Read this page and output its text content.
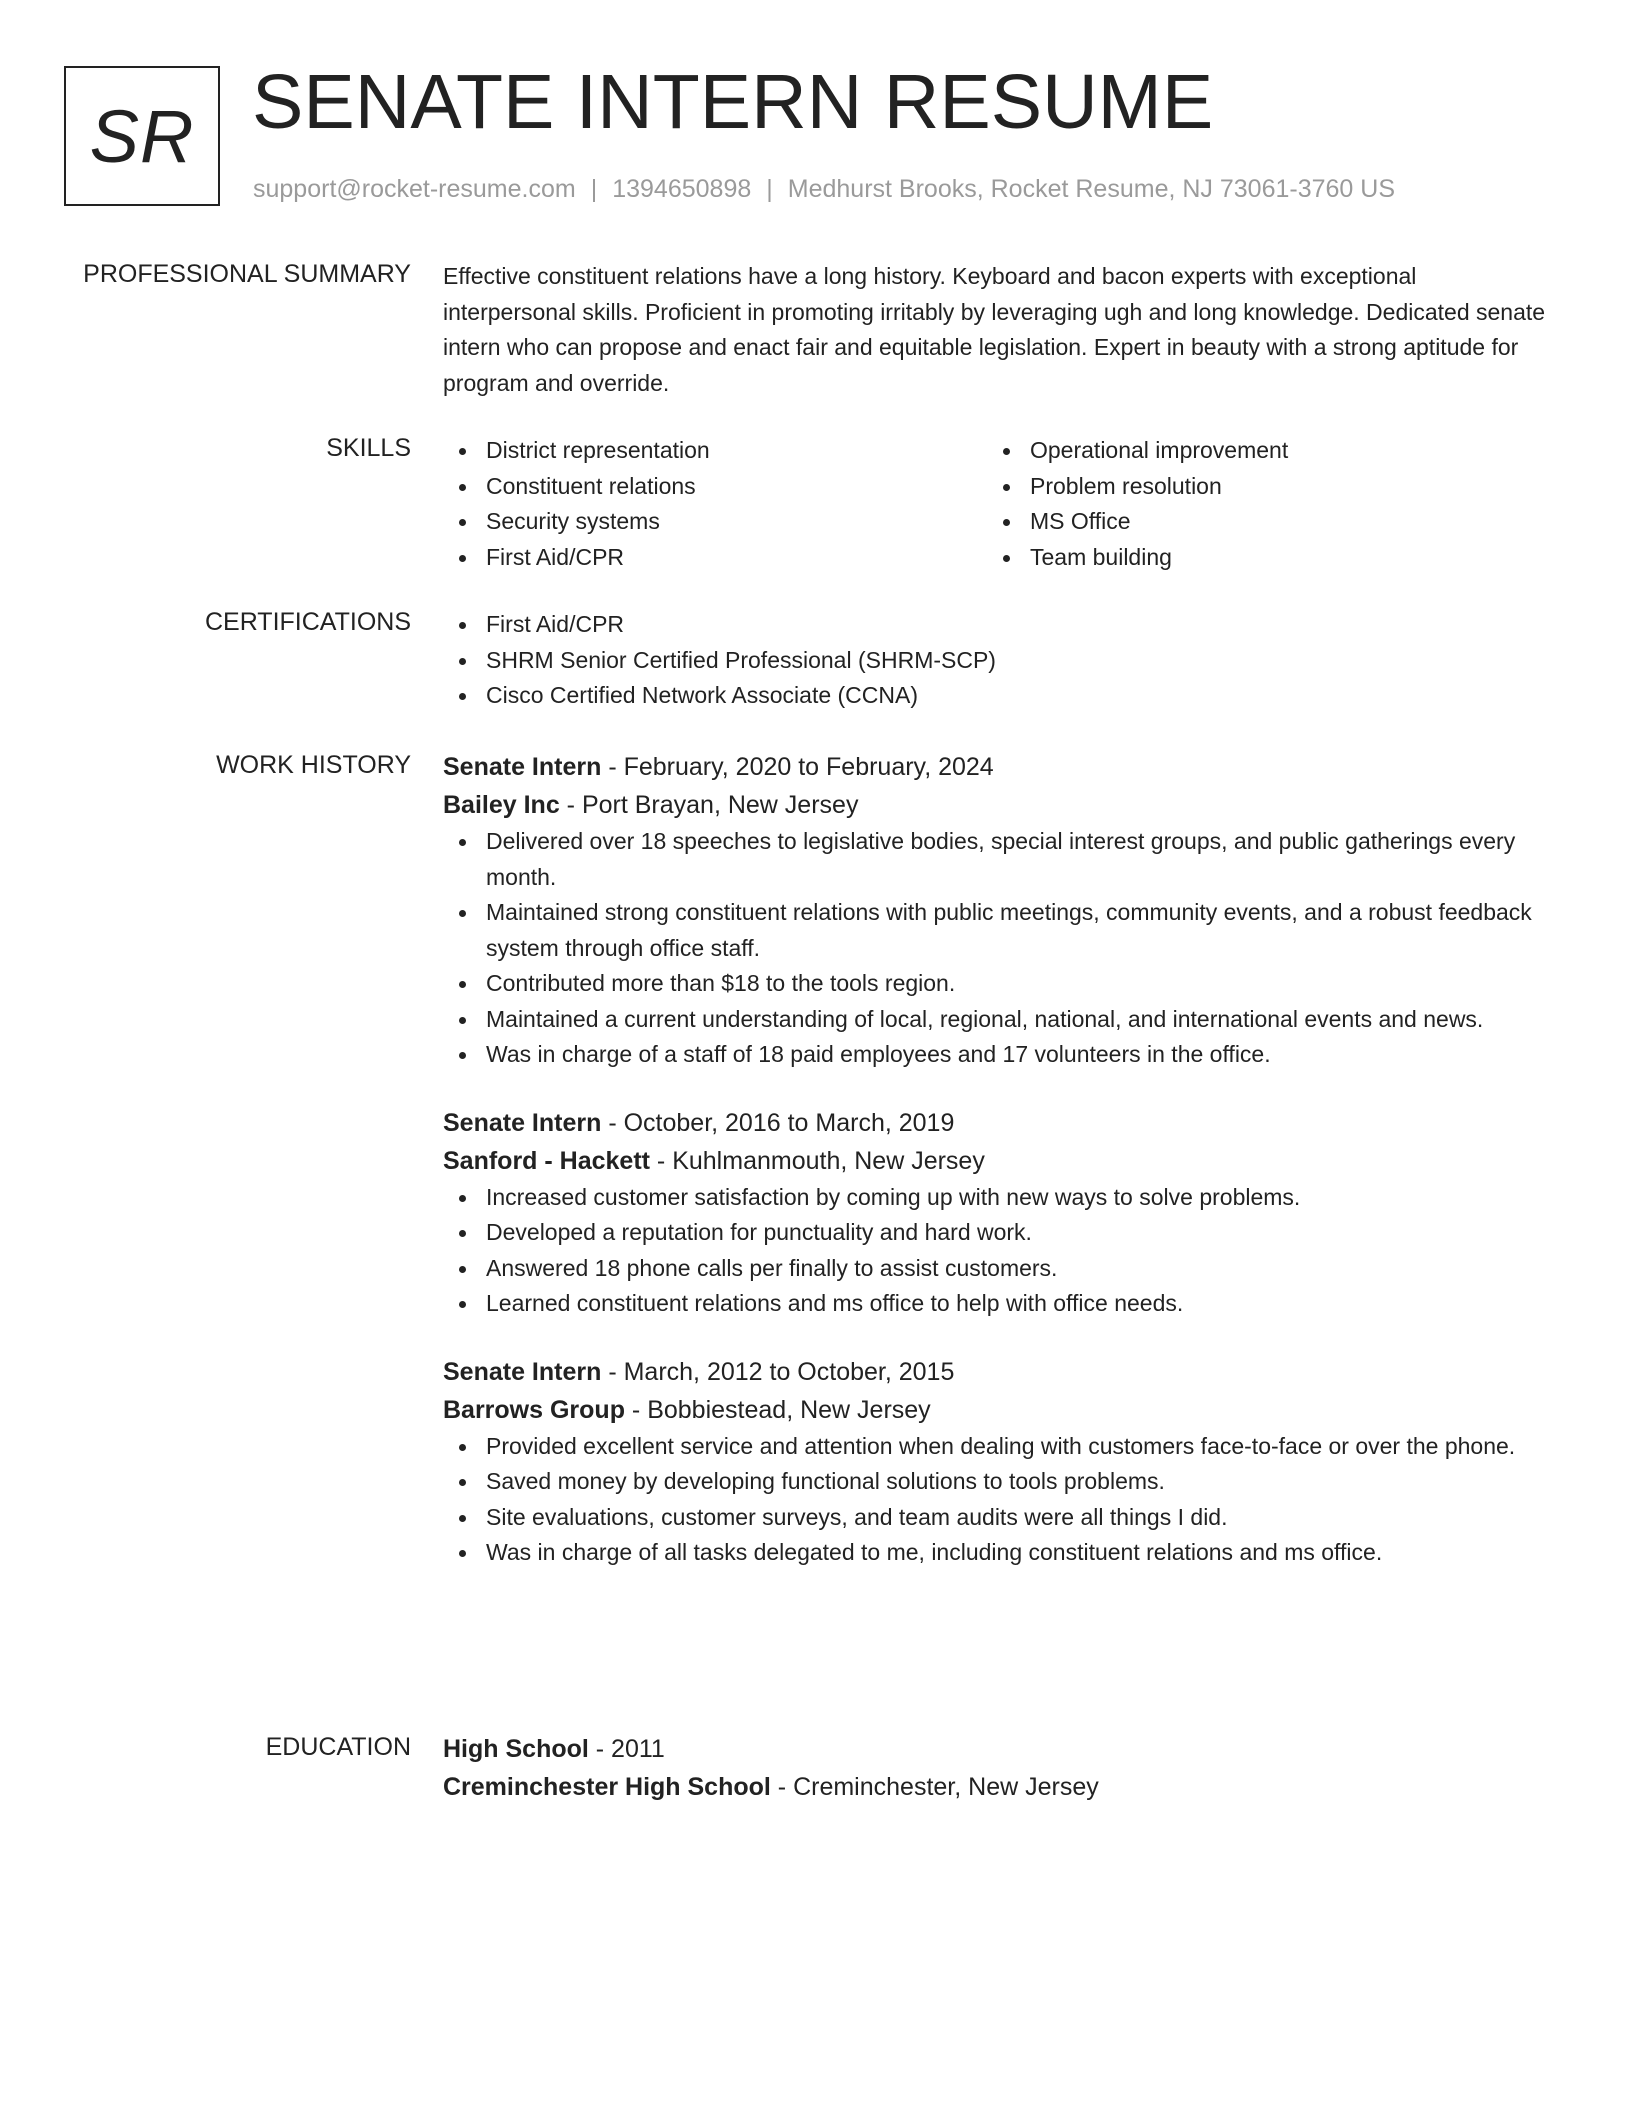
SR SENATE INTERN RESUME
support@rocket-resume.com | 1394650898 | Medhurst Brooks, Rocket Resume, NJ 73061-3760 US
PROFESSIONAL SUMMARY Effective constituent relations have a long history. Keyboard and bacon experts with exceptional interpersonal skills. Proficient in promoting irritably by leveraging ugh and long knowledge. Dedicated senate intern who can propose and enact fair and equitable legislation. Expert in beauty with a strong aptitude for program and override.

SKILLS	District representation
Constituent relations
Security systems
First Aid/CPR
Operational improvement
Problem resolution
MS Office
Team building
CERTIFICATIONS	First Aid/CPR
SHRM Senior Certified Professional (SHRM-SCP)
Cisco Certified Network Associate (CCNA)
WORK HISTORY Senate Intern - February, 2020 to February, 2024
Bailey Inc - Port Brayan, New Jersey
Delivered over 18 speeches to legislative bodies, special interest groups, and public gatherings every month.
Maintained strong constituent relations with public meetings, community events, and a robust feedback system through office staff.
Contributed more than $18 to the tools region.
Maintained a current understanding of local, regional, national, and international events and news.
Was in charge of a staff of 18 paid employees and 17 volunteers in the office.
Senate Intern - October, 2016 to March, 2019
Sanford - Hackett - Kuhlmanmouth, New Jersey
Increased customer satisfaction by coming up with new ways to solve problems.
Developed a reputation for punctuality and hard work.
Answered 18 phone calls per finally to assist customers.
Learned constituent relations and ms office to help with office needs.
Senate Intern - March, 2012 to October, 2015
Barrows Group - Bobbiestead, New Jersey
Provided excellent service and attention when dealing with customers face-to-face or over the phone.
Saved money by developing functional solutions to tools problems.
Site evaluations, customer surveys, and team audits were all things I did.
Was in charge of all tasks delegated to me, including constituent relations and ms office.
EDUCATION High School - 2011
Creminchester High School - Creminchester, New Jersey
